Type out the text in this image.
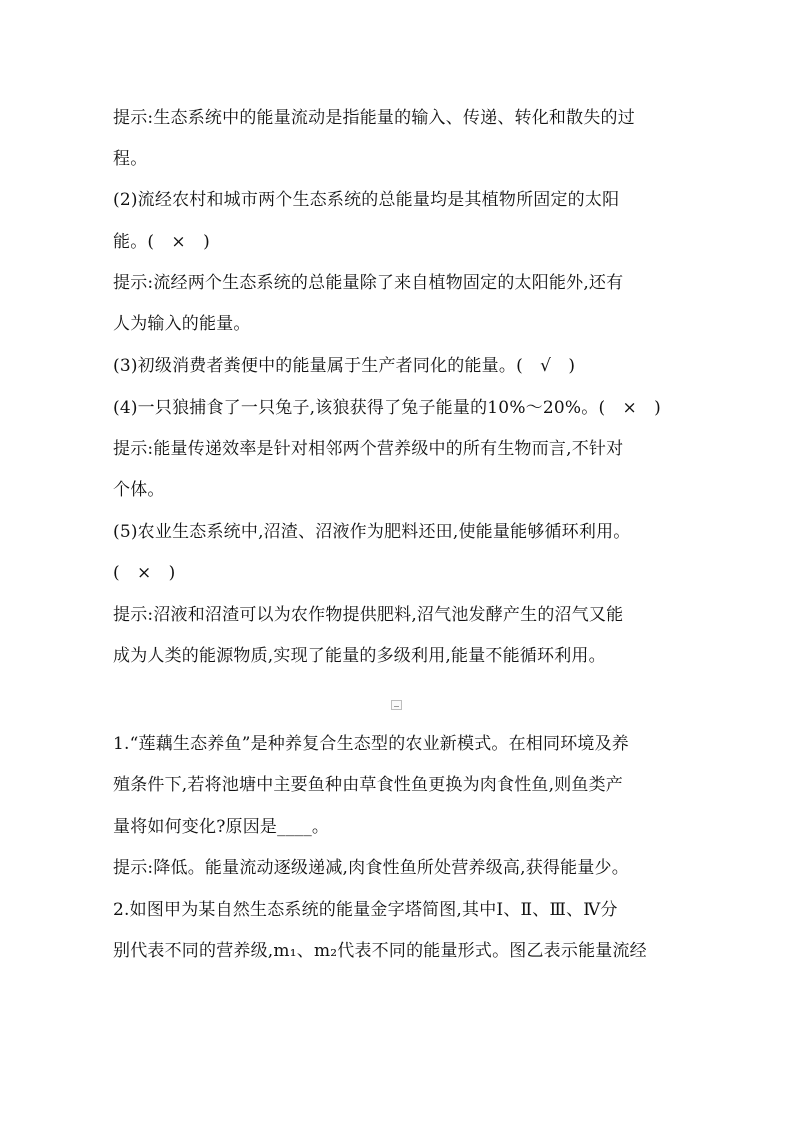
提示:生态系统中的能量流动是指能量的输入、传递、转化和散失的过
程。
(2)流经农村和城市两个生态系统的总能量均是其植物所固定的太阳
能。(　×　)
提示:流经两个生态系统的总能量除了来自植物固定的太阳能外,还有
人为输入的能量。
(3)初级消费者粪便中的能量属于生产者同化的能量。(　√　)
(4)一只狼捕食了一只兔子,该狼获得了兔子能量的10%～20%。(　×　)
提示:能量传递效率是针对相邻两个营养级中的所有生物而言,不针对
个体。
(5)农业生态系统中,沼渣、沼液作为肥料还田,使能量能够循环利用。
(　×　)
提示:沼液和沼渣可以为农作物提供肥料,沼气池发酵产生的沼气又能
成为人类的能源物质,实现了能量的多级利用,能量不能循环利用。
1.“莲藕生态养鱼”是种养复合生态型的农业新模式。在相同环境及养
殖条件下,若将池塘中主要鱼种由草食性鱼更换为肉食性鱼,则鱼类产
量将如何变化?原因是____。
提示:降低。能量流动逐级递减,肉食性鱼所处营养级高,获得能量少。
2.如图甲为某自然生态系统的能量金字塔简图,其中Ⅰ、Ⅱ、Ⅲ、Ⅳ分
别代表不同的营养级,m₁、m₂代表不同的能量形式。图乙表示能量流经
